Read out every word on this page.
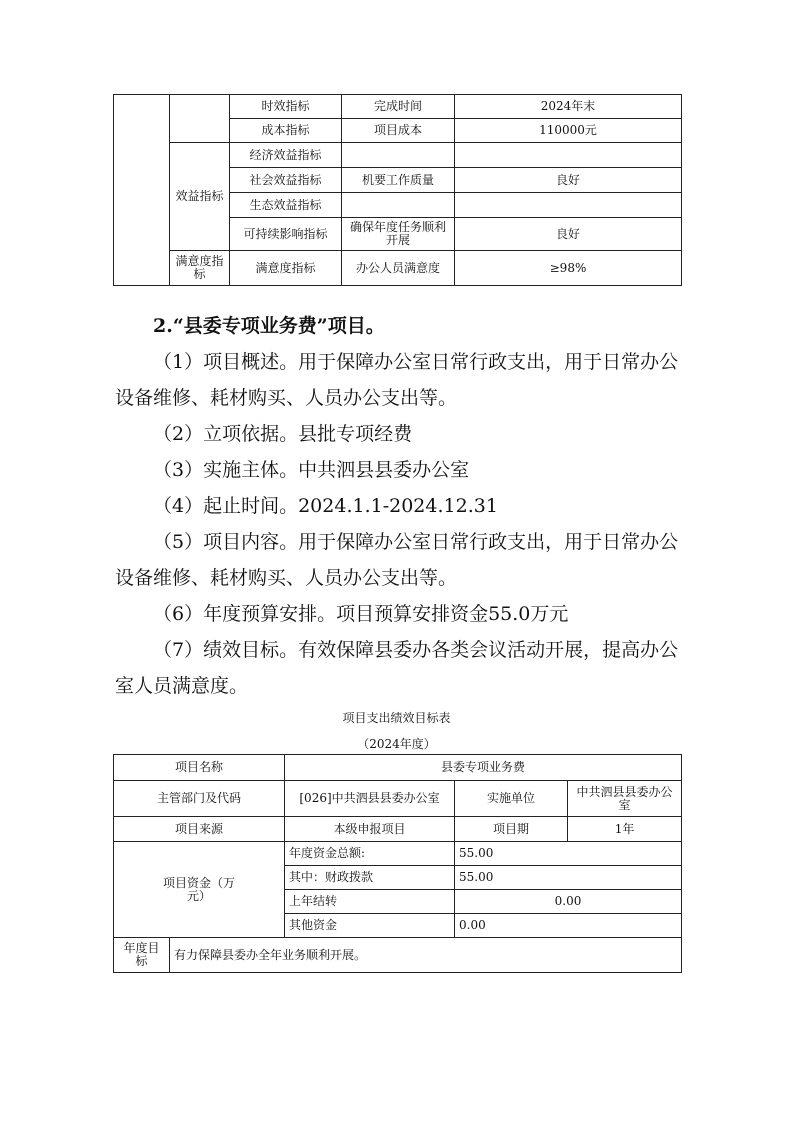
		时效指标	完成时间	2024年末
		成本指标	项目成本	110000元
	效益指标	经济效益指标		
		社会效益指标	机要工作质量	良好
		生态效益指标		
		可持续影响指标	确保年度任务顺利开展	良好
	满意度指标	满意度指标	办公人员满意度	≥98%

2.“县委专项业务费”项目。

（1）项目概述。用于保障办公室日常行政支出，用于日常办公设备维修、耗材购买、人员办公支出等。

（2）立项依据。县批专项经费

（3）实施主体。中共泗县县委办公室

（4）起止时间。2024.1.1-2024.12.31

（5）项目内容。用于保障办公室日常行政支出，用于日常办公设备维修、耗材购买、人员办公支出等。

（6）年度预算安排。项目预算安排资金55.0万元

（7）绩效目标。有效保障县委办各类会议活动开展，提高办公室人员满意度。

项目支出绩效目标表

（2024年度）

项目名称		县委专项业务费		
主管部门及代码		[026]中共泗县县委办公室	实施单位	中共泗县县委办公室
项目来源		本级申报项目	项目期	1年
项目资金（万元）		年度资金总额:	55.00	
		其中：财政拨款	55.00	
		上年结转	0.00	
		其他资金	0.00	
年度目标	有力保障县委办全年业务顺利开展。			
